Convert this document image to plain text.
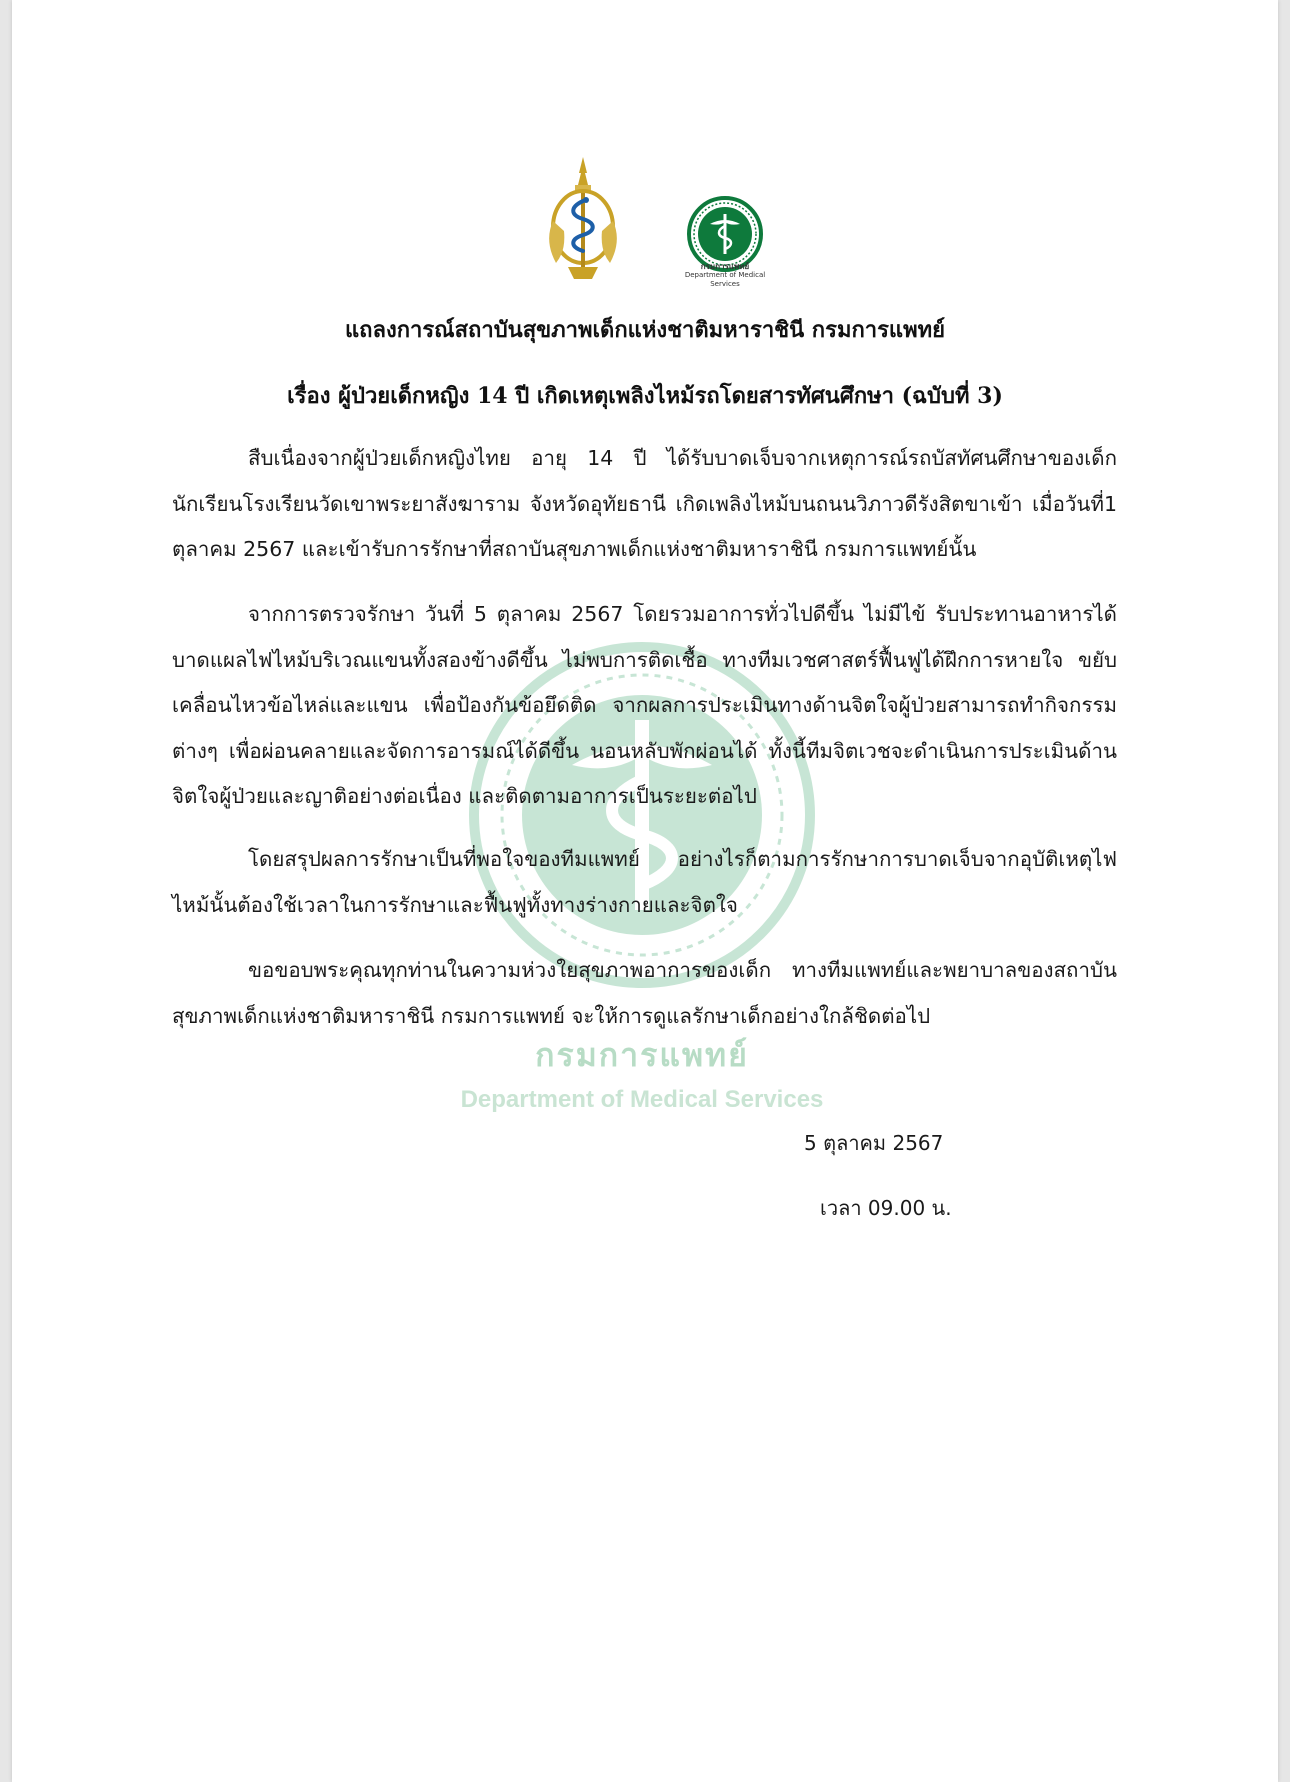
กรมการแพทย์
Department of Medical Services
กรมการแพทย์
Department of Medical Services
แถลงการณ์สถาบันสุขภาพเด็กแห่งชาติมหาราชินี กรมการแพทย์
เรื่อง ผู้ป่วยเด็กหญิง 14 ปี เกิดเหตุเพลิงไหม้รถโดยสารทัศนศึกษา (ฉบับที่ 3)

สืบเนื่องจากผู้ป่วยเด็กหญิงไทย อายุ 14 ปี ได้รับบาดเจ็บจากเหตุการณ์รถบัสทัศนศึกษาของเด็กนักเรียนโรงเรียนวัดเขาพระยาสังฆาราม จังหวัดอุทัยธานี เกิดเพลิงไหม้บนถนนวิภาวดีรังสิตขาเข้า เมื่อวันที่1 ตุลาคม 2567 และเข้ารับการรักษาที่สถาบันสุขภาพเด็กแห่งชาติมหาราชินี กรมการแพทย์นั้น

จากการตรวจรักษา วันที่ 5 ตุลาคม 2567 โดยรวมอาการทั่วไปดีขึ้น ไม่มีไข้ รับประทานอาหารได้ บาดแผลไฟไหม้บริเวณแขนทั้งสองข้างดีขึ้น ไม่พบการติดเชื้อ ทางทีมเวชศาสตร์ฟื้นฟูได้ฝึกการหายใจ ขยับเคลื่อนไหวข้อไหล่และแขน เพื่อป้องกันข้อยึดติด จากผลการประเมินทางด้านจิตใจผู้ป่วยสามารถทำกิจกรรมต่างๆ เพื่อผ่อนคลายและจัดการอารมณ์ได้ดีขึ้น นอนหลับพักผ่อนได้ ทั้งนี้ทีมจิตเวชจะดำเนินการประเมินด้านจิตใจผู้ป่วยและญาติอย่างต่อเนื่อง และติดตามอาการเป็นระยะต่อไป

โดยสรุปผลการรักษาเป็นที่พอใจของทีมแพทย์ อย่างไรก็ตามการรักษาการบาดเจ็บจากอุบัติเหตุไฟไหม้นั้นต้องใช้เวลาในการรักษาและฟื้นฟูทั้งทางร่างกายและจิตใจ

ขอขอบพระคุณทุกท่านในความห่วงใยสุขภาพอาการของเด็ก ทางทีมแพทย์และพยาบาลของสถาบันสุขภาพเด็กแห่งชาติมหาราชินี กรมการแพทย์ จะให้การดูแลรักษาเด็กอย่างใกล้ชิดต่อไป

5 ตุลาคม 2567
เวลา 09.00 น.
